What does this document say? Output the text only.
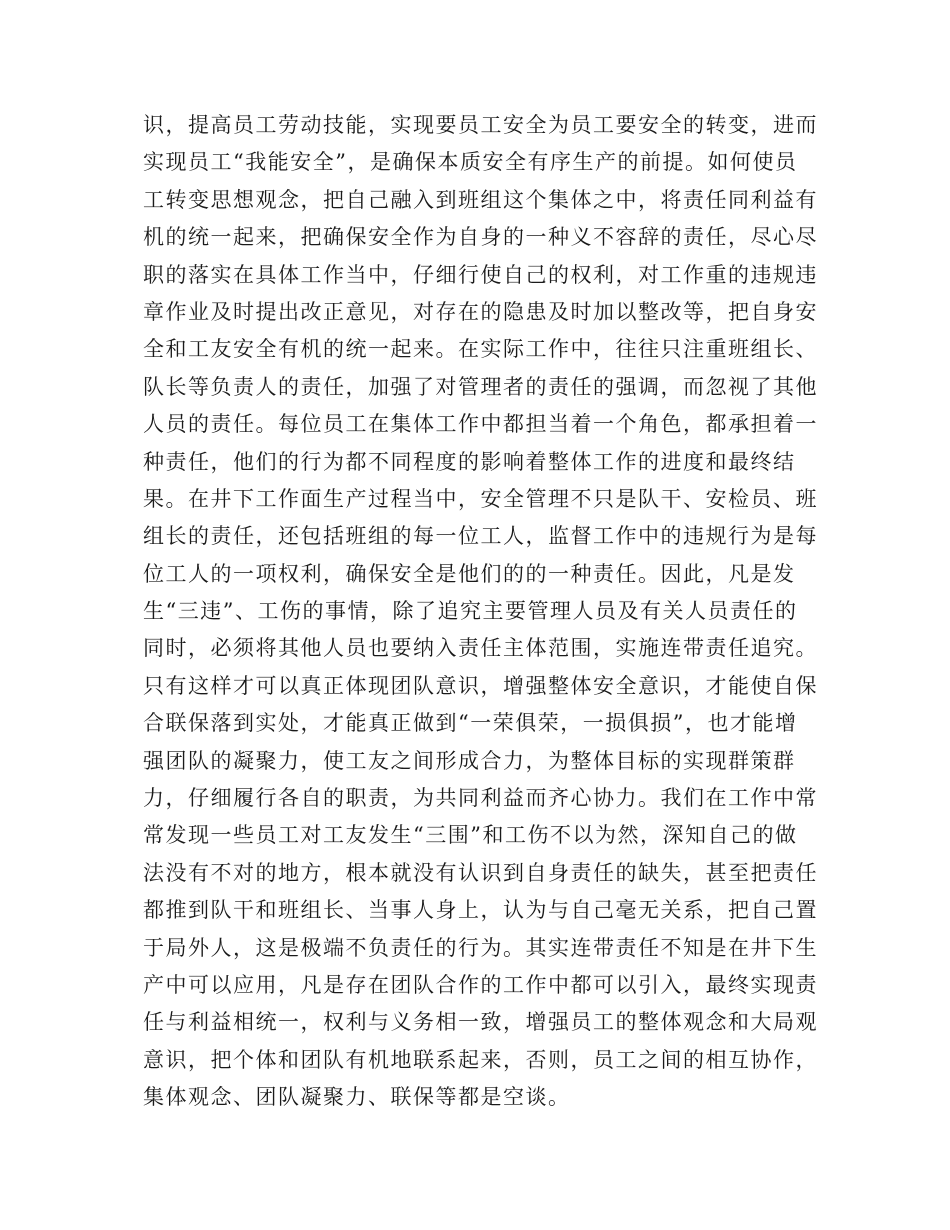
识，提高员工劳动技能，实现要员工安全为员工要安全的转变，进而
实现员工“我能安全”，是确保本质安全有序生产的前提。如何使员
工转变思想观念，把自己融入到班组这个集体之中，将责任同利益有
机的统一起来，把确保安全作为自身的一种义不容辞的责任，尽心尽
职的落实在具体工作当中，仔细行使自己的权利，对工作重的违规违
章作业及时提出改正意见，对存在的隐患及时加以整改等，把自身安
全和工友安全有机的统一起来。在实际工作中，往往只注重班组长、
队长等负责人的责任，加强了对管理者的责任的强调，而忽视了其他
人员的责任。每位员工在集体工作中都担当着一个角色，都承担着一
种责任，他们的行为都不同程度的影响着整体工作的进度和最终结
果。在井下工作面生产过程当中，安全管理不只是队干、安检员、班
组长的责任，还包括班组的每一位工人，监督工作中的违规行为是每
位工人的一项权利，确保安全是他们的的一种责任。因此，凡是发
生“三违”、工伤的事情，除了追究主要管理人员及有关人员责任的
同时，必须将其他人员也要纳入责任主体范围，实施连带责任追究。
只有这样才可以真正体现团队意识，增强整体安全意识，才能使自保
合联保落到实处，才能真正做到“一荣俱荣，一损俱损”，也才能增
强团队的凝聚力，使工友之间形成合力，为整体目标的实现群策群
力，仔细履行各自的职责，为共同利益而齐心协力。我们在工作中常
常发现一些员工对工友发生“三围”和工伤不以为然，深知自己的做
法没有不对的地方，根本就没有认识到自身责任的缺失，甚至把责任
都推到队干和班组长、当事人身上，认为与自己毫无关系，把自己置
于局外人，这是极端不负责任的行为。其实连带责任不知是在井下生
产中可以应用，凡是存在团队合作的工作中都可以引入，最终实现责
任与利益相统一，权利与义务相一致，增强员工的整体观念和大局观
意识，把个体和团队有机地联系起来，否则，员工之间的相互协作，
集体观念、团队凝聚力、联保等都是空谈。
